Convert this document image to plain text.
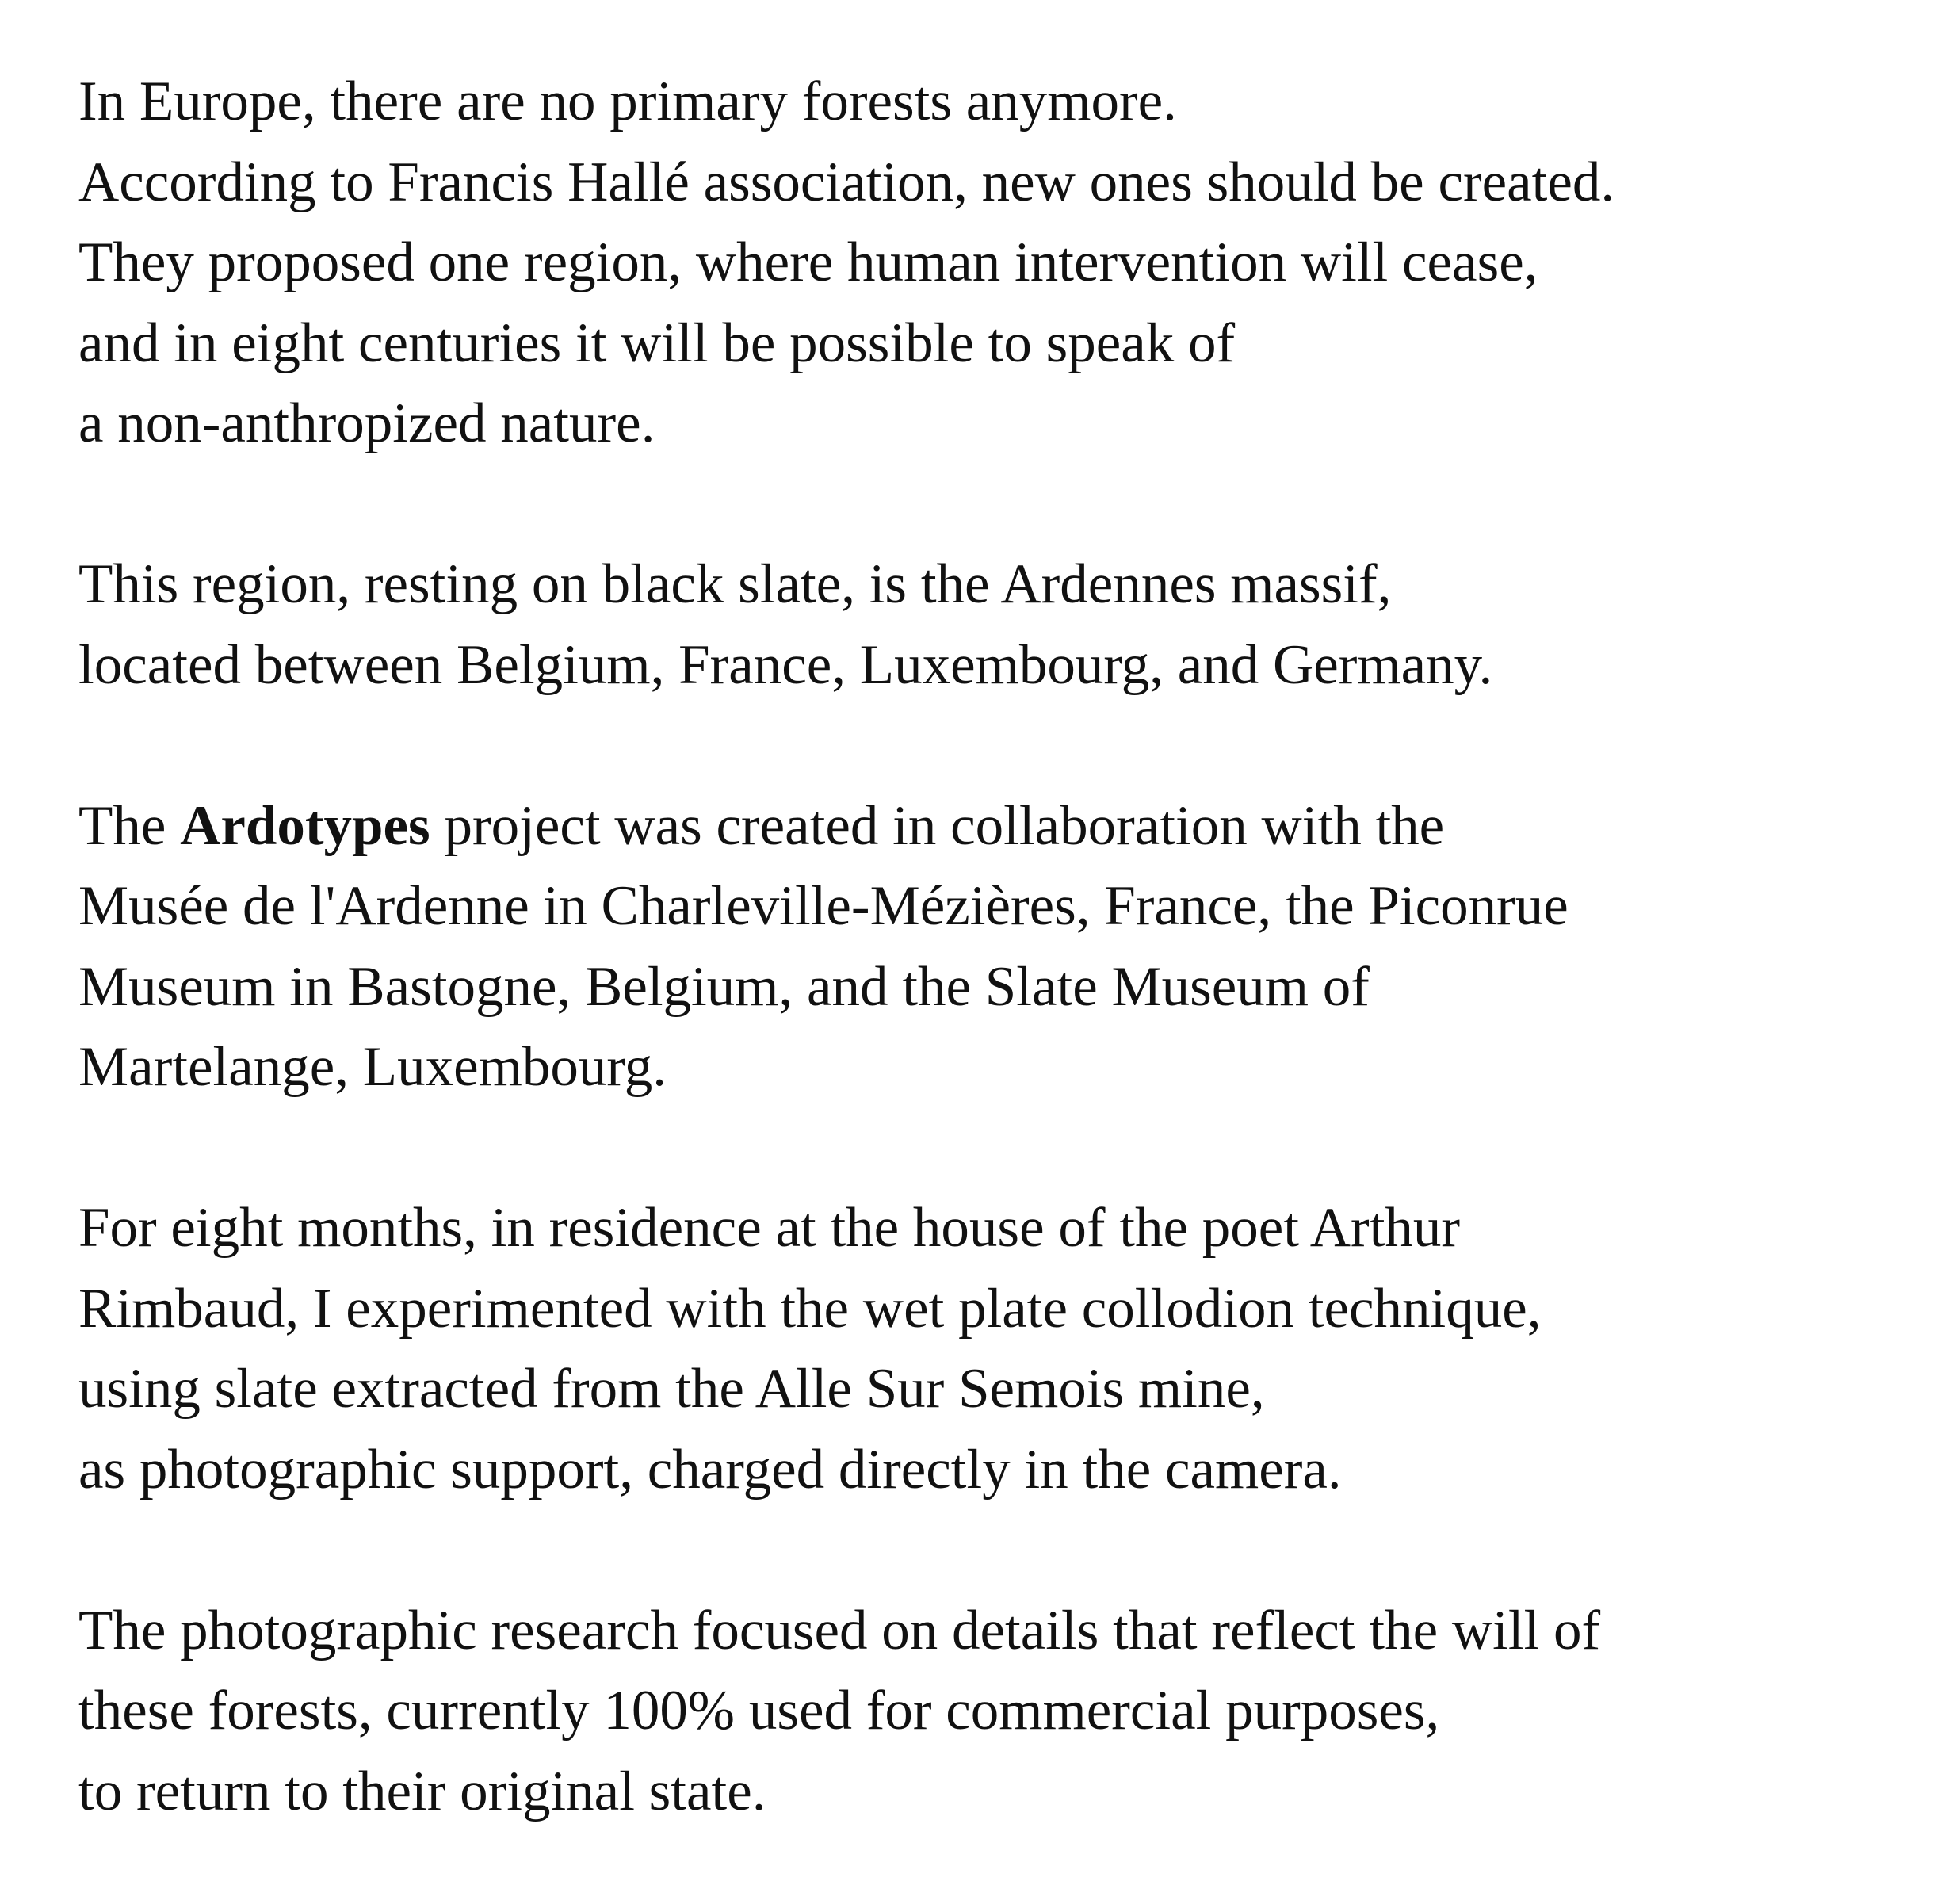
In Europe, there are no primary forests anymore.
According to Francis Hallé association, new ones should be created.
They proposed one region, where human intervention will cease,
and in eight centuries it will be possible to speak of
a non-anthropized nature.

This region, resting on black slate, is the Ardennes massif,
located between Belgium, France, Luxembourg, and Germany.

The Ardotypes project was created in collaboration with the
Musée de l'Ardenne in Charleville-Mézières, France, the Piconrue
Museum in Bastogne, Belgium, and the Slate Museum of
Martelange, Luxembourg.

For eight months, in residence at the house of the poet Arthur
Rimbaud, I experimented with the wet plate collodion technique,
using slate extracted from the Alle Sur Semois mine,
as photographic support, charged directly in the camera.

The photographic research focused on details that reflect the will of
these forests, currently 100% used for commercial purposes,
to return to their original state.
